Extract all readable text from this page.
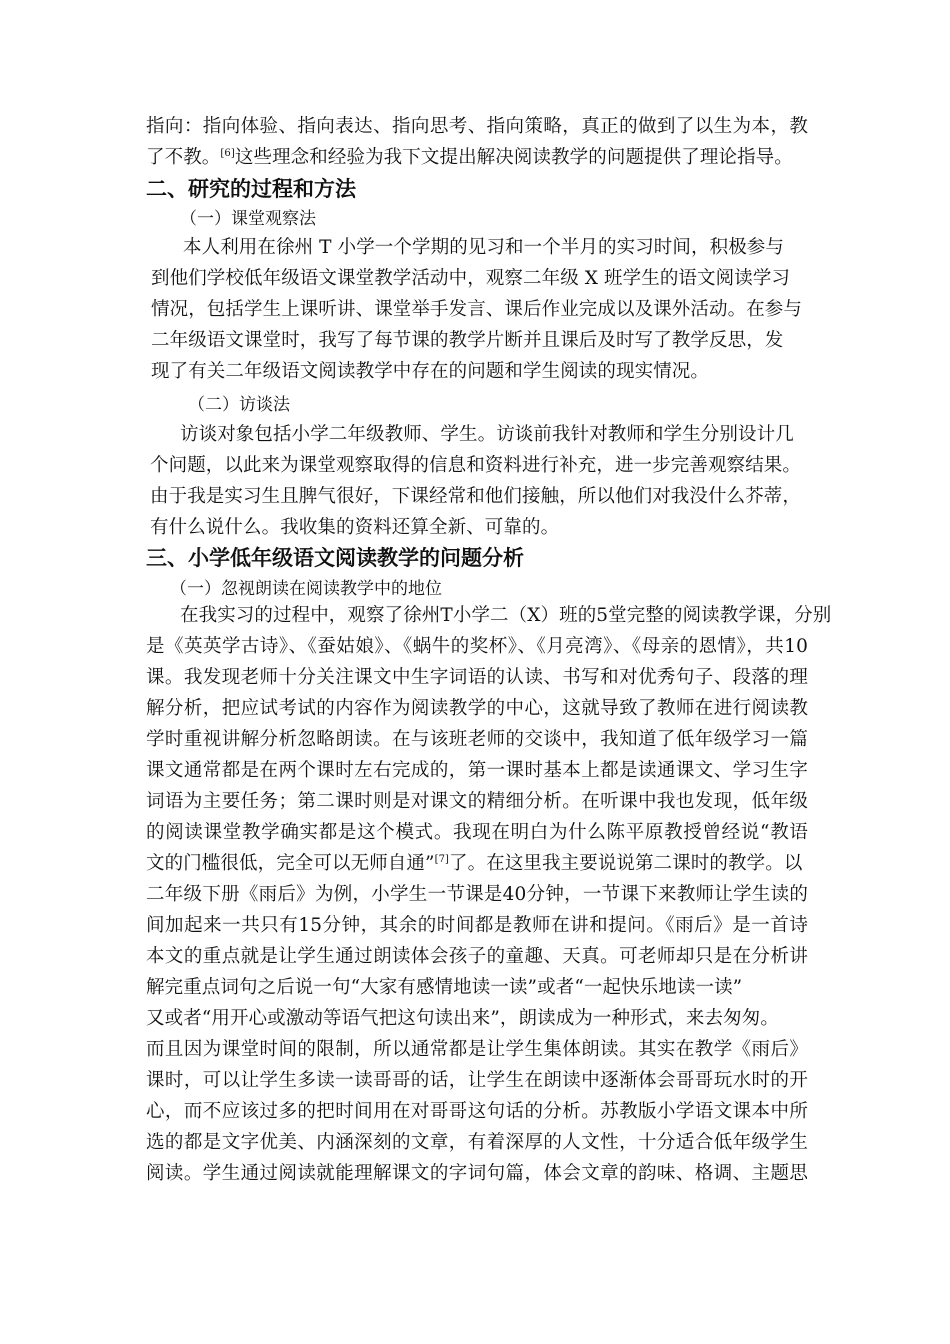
指向：指向体验、指向表达、指向思考、指向策略，真正的做到了以生为本，教
了不教。[6]这些理念和经验为我下文提出解决阅读教学的问题提供了理论指导。
二、研究的过程和方法
（一）课堂观察法
本人利用在徐州 T 小学一个学期的见习和一个半月的实习时间，积极参与
到他们学校低年级语文课堂教学活动中，观察二年级 X 班学生的语文阅读学习
情况，包括学生上课听讲、课堂举手发言、课后作业完成以及课外活动。在参与
二年级语文课堂时，我写了每节课的教学片断并且课后及时写了教学反思，发
现了有关二年级语文阅读教学中存在的问题和学生阅读的现实情况。
（二）访谈法
访谈对象包括小学二年级教师、学生。访谈前我针对教师和学生分别设计几
个问题，以此来为课堂观察取得的信息和资料进行补充，进一步完善观察结果。
由于我是实习生且脾气很好，下课经常和他们接触，所以他们对我没什么芥蒂，
有什么说什么。我收集的资料还算全新、可靠的。
三、小学低年级语文阅读教学的问题分析
（一）忽视朗读在阅读教学中的地位
在我实习的过程中，观察了徐州T小学二（X）班的5堂完整的阅读教学课，分别
是《英英学古诗》、《蚕姑娘》、《蜗牛的奖杯》、《月亮湾》、《母亲的恩情》，共10
课。我发现老师十分关注课文中生字词语的认读、书写和对优秀句子、段落的理
解分析，把应试考试的内容作为阅读教学的中心，这就导致了教师在进行阅读教
学时重视讲解分析忽略朗读。在与该班老师的交谈中，我知道了低年级学习一篇
课文通常都是在两个课时左右完成的，第一课时基本上都是读通课文、学习生字
词语为主要任务；第二课时则是对课文的精细分析。在听课中我也发现，低年级
的阅读课堂教学确实都是这个模式。我现在明白为什么陈平原教授曾经说“教语
文的门槛很低，完全可以无师自通”[7]了。在这里我主要说说第二课时的教学。以
二年级下册《雨后》为例，小学生一节课是40分钟，一节课下来教师让学生读的
间加起来一共只有15分钟，其余的时间都是教师在讲和提问。《雨后》是一首诗
本文的重点就是让学生通过朗读体会孩子的童趣、天真。可老师却只是在分析讲
解完重点词句之后说一句“大家有感情地读一读”或者“一起快乐地读一读”
又或者“用开心或激动等语气把这句读出来”，朗读成为一种形式，来去匆匆。
而且因为课堂时间的限制，所以通常都是让学生集体朗读。其实在教学《雨后》
课时，可以让学生多读一读哥哥的话，让学生在朗读中逐渐体会哥哥玩水时的开
心，而不应该过多的把时间用在对哥哥这句话的分析。苏教版小学语文课本中所
选的都是文字优美、内涵深刻的文章，有着深厚的人文性，十分适合低年级学生
阅读。学生通过阅读就能理解课文的字词句篇，体会文章的韵味、格调、主题思
